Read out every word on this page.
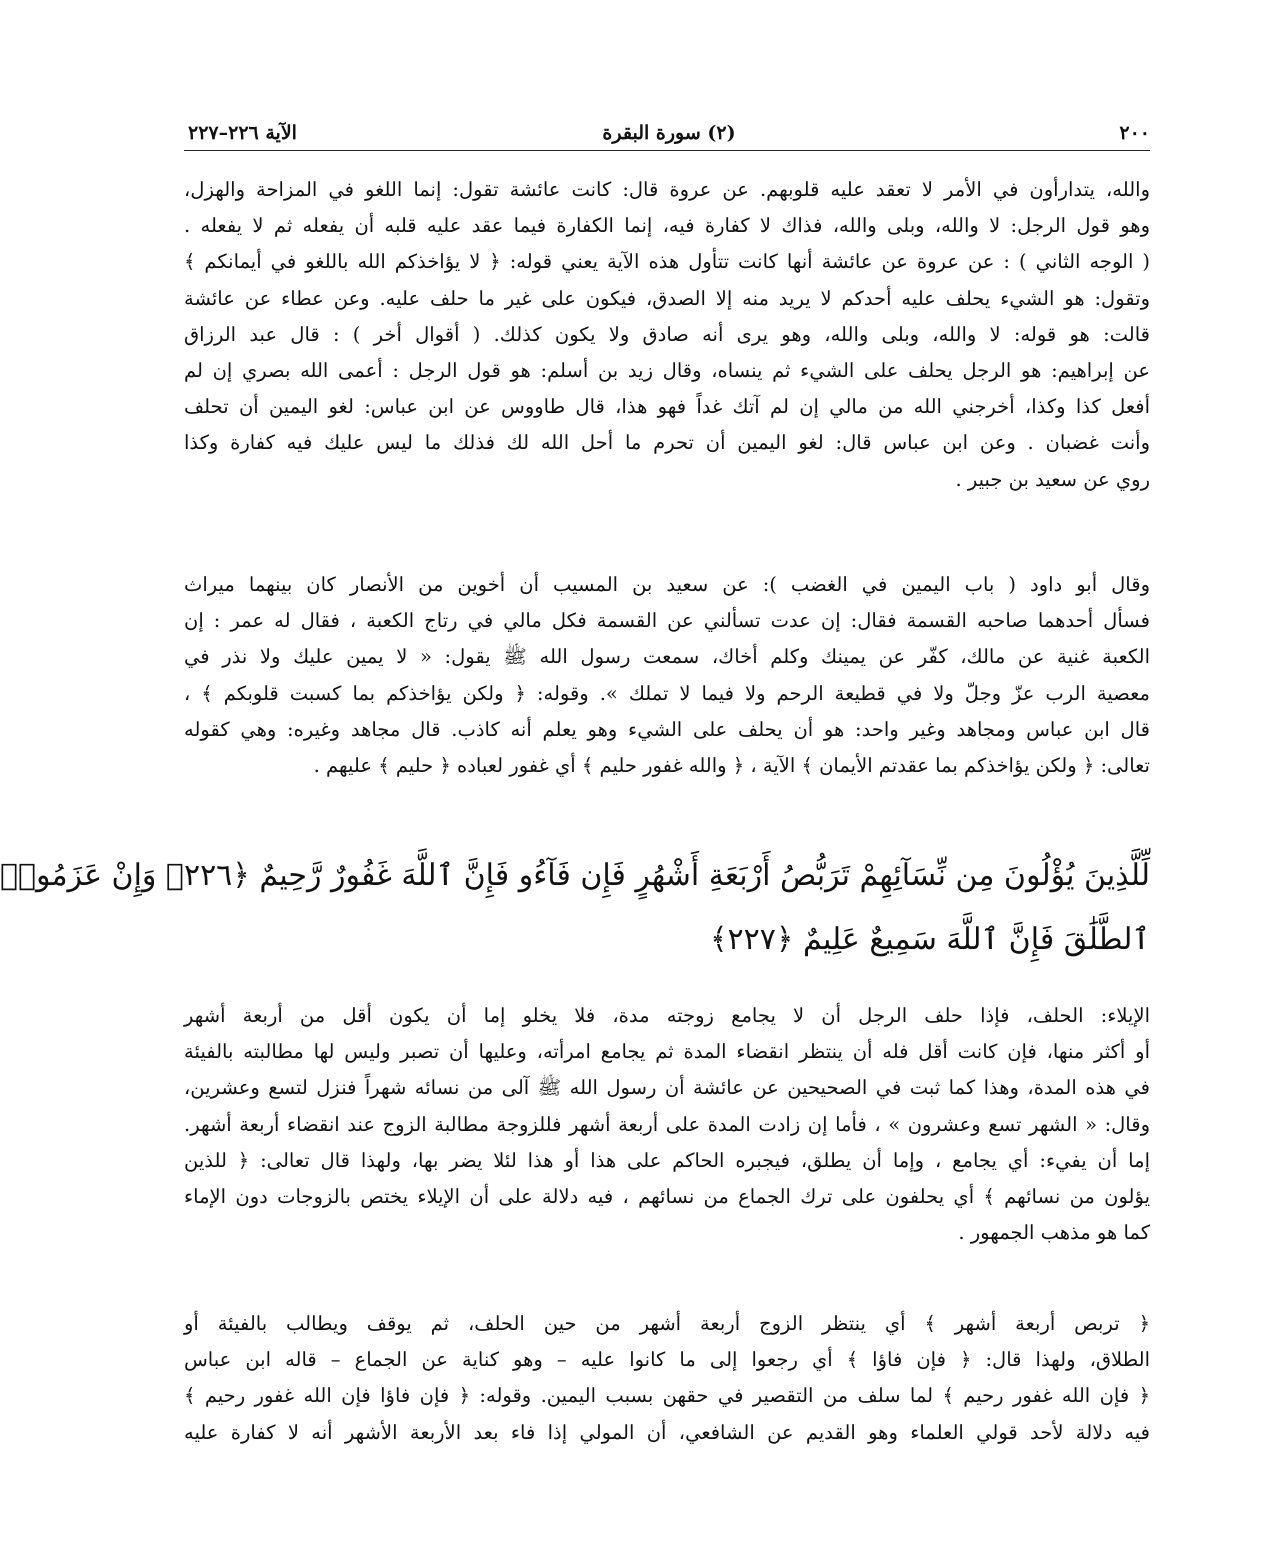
٢٠٠
(٢) سورة البقرة
الآية ٢٢٦–٢٢٧
والله، يتدارأون في الأمر لا تعقد عليه قلوبهم. عن عروة قال: كانت عائشة تقول: إنما اللغو في المزاحة والهزل،
وهو قول الرجل: لا والله، وبلى والله، فذاك لا كفارة فيه، إنما الكفارة فيما عقد عليه قلبه أن يفعله ثم لا يفعله .
( الوجه الثاني ) : عن عروة عن عائشة أنها كانت تتأول هذه الآية يعني قوله: ﴿ لا يؤاخذكم الله باللغو في أيمانكم ﴾
وتقول: هو الشيء يحلف عليه أحدكم لا يريد منه إلا الصدق، فيكون على غير ما حلف عليه. وعن عطاء عن عائشة
قالت: هو قوله: لا والله، وبلى والله، وهو يرى أنه صادق ولا يكون كذلك. ( أقوال أخر ) : قال عبد الرزاق
عن إبراهيم: هو الرجل يحلف على الشيء ثم ينساه، وقال زيد بن أسلم: هو قول الرجل : أعمى الله بصري إن لم
أفعل كذا وكذا، أخرجني الله من مالي إن لم آتك غداً فهو هذا، قال طاووس عن ابن عباس: لغو اليمين أن تحلف
وأنت غضبان . وعن ابن عباس قال: لغو اليمين أن تحرم ما أحل الله لك فذلك ما ليس عليك فيه كفارة وكذا
روي عن سعيد بن جبير .
وقال أبو داود ( باب اليمين في الغضب ): عن سعيد بن المسيب أن أخوين من الأنصار كان بينهما ميراث
فسأل أحدهما صاحبه القسمة فقال: إن عدت تسألني عن القسمة فكل مالي في رتاج الكعبة ، فقال له عمر : إن
الكعبة غنية عن مالك، كفّر عن يمينك وكلم أخاك، سمعت رسول الله ﷺ يقول: « لا يمين عليك ولا نذر في
معصية الرب عزّ وجلّ ولا في قطيعة الرحم ولا فيما لا تملك ». وقوله: ﴿ ولكن يؤاخذكم بما كسبت قلوبكم ﴾ ،
قال ابن عباس ومجاهد وغير واحد: هو أن يحلف على الشيء وهو يعلم أنه كاذب. قال مجاهد وغيره: وهي كقوله
تعالى: ﴿ ولكن يؤاخذكم بما عقدتم الأيمان ﴾ الآية ، ﴿ والله غفور حليم ﴾ أي غفور لعباده ﴿ حليم ﴾ عليهم .
لِّلَّذِينَ يُؤْلُونَ مِن نِّسَآئِهِمْ تَرَبُّصُ أَرْبَعَةِ أَشْهُرٍ فَإِن فَآءُو فَإِنَّ ٱللَّهَ غَفُورٌ رَّحِيمٌ ﴿٢٢٦﴾ وَإِنْ عَزَمُوا۟
ٱلطَّلَٰقَ فَإِنَّ ٱللَّهَ سَمِيعٌ عَلِيمٌ ﴿٢٢٧﴾
الإيلاء: الحلف، فإذا حلف الرجل أن لا يجامع زوجته مدة، فلا يخلو إما أن يكون أقل من أربعة أشهر
أو أكثر منها، فإن كانت أقل فله أن ينتظر انقضاء المدة ثم يجامع امرأته، وعليها أن تصبر وليس لها مطالبته بالفيئة
في هذه المدة، وهذا كما ثبت في الصحيحين عن عائشة أن رسول الله ﷺ آلى من نسائه شهراً فنزل لتسع وعشرين،
وقال: « الشهر تسع وعشرون » ، فأما إن زادت المدة على أربعة أشهر فللزوجة مطالبة الزوج عند انقضاء أربعة أشهر.
إما أن يفيء: أي يجامع ، وإما أن يطلق، فيجبره الحاكم على هذا أو هذا لئلا يضر بها، ولهذا قال تعالى: ﴿ للذين
يؤلون من نسائهم ﴾ أي يحلفون على ترك الجماع من نسائهم ، فيه دلالة على أن الإيلاء يختص بالزوجات دون الإماء
كما هو مذهب الجمهور .
﴿ تربص أربعة أشهر ﴾ أي ينتظر الزوج أربعة أشهر من حين الحلف، ثم يوقف ويطالب بالفيئة أو
الطلاق، ولهذا قال: ﴿ فإن فاؤا ﴾ أي رجعوا إلى ما كانوا عليه – وهو كناية عن الجماع – قاله ابن عباس
﴿ فإن الله غفور رحيم ﴾ لما سلف من التقصير في حقهن بسبب اليمين. وقوله: ﴿ فإن فاؤا فإن الله غفور رحيم ﴾
فيه دلالة لأحد قولي العلماء وهو القديم عن الشافعي، أن المولي إذا فاء بعد الأربعة الأشهر أنه لا كفارة عليه
